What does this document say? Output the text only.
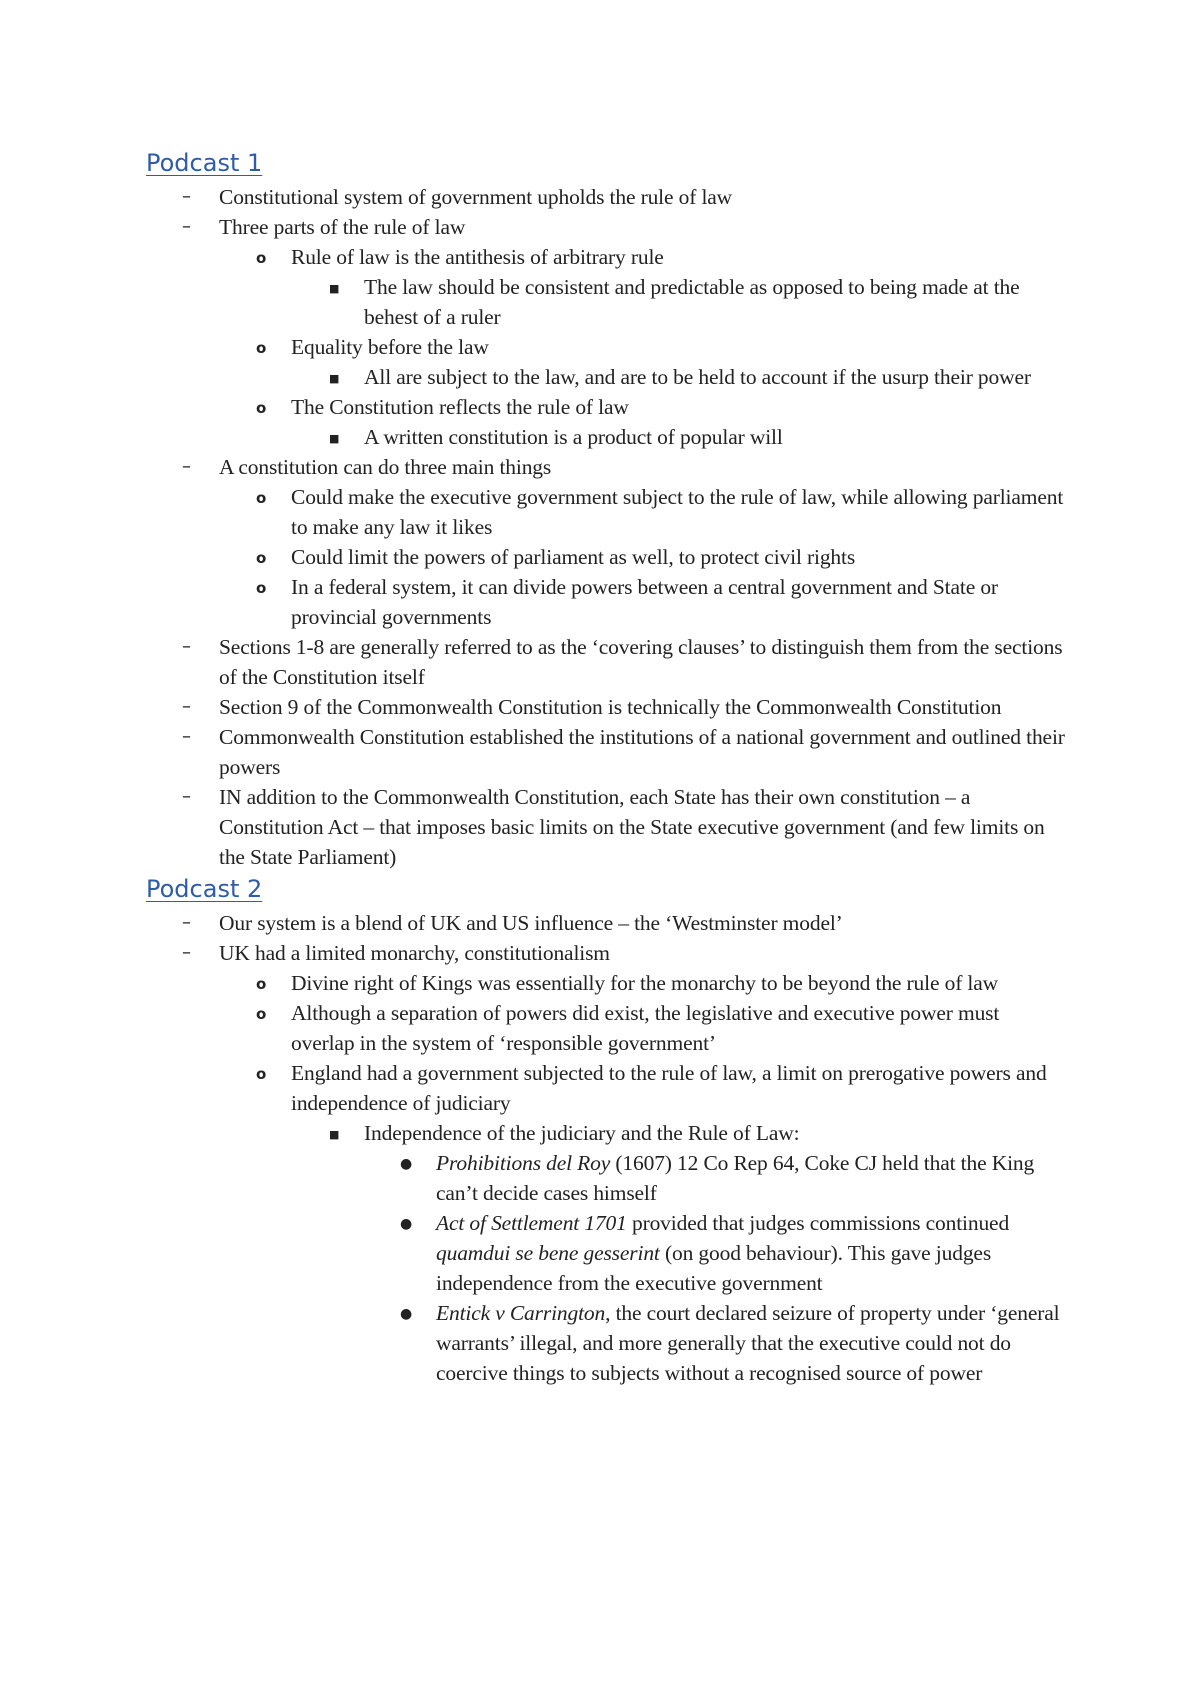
Podcast 1
– Constitutional system of government upholds the rule of law
– Three parts of the rule of law
o Rule of law is the antithesis of arbitrary rule
■ The law should be consistent and predictable as opposed to being made at the behest of a ruler
o Equality before the law
■ All are subject to the law, and are to be held to account if the usurp their power
o The Constitution reflects the rule of law
■ A written constitution is a product of popular will
– A constitution can do three main things
o Could make the executive government subject to the rule of law, while allowing parliament to make any law it likes
o Could limit the powers of parliament as well, to protect civil rights
o In a federal system, it can divide powers between a central government and State or provincial governments
– Sections 1-8 are generally referred to as the ‘covering clauses’ to distinguish them from the sections of the Constitution itself
– Section 9 of the Commonwealth Constitution is technically the Commonwealth Constitution
– Commonwealth Constitution established the institutions of a national government and outlined their powers
– IN addition to the Commonwealth Constitution, each State has their own constitution – a Constitution Act – that imposes basic limits on the State executive government (and few limits on the State Parliament)
Podcast 2
– Our system is a blend of UK and US influence – the ‘Westminster model’
– UK had a limited monarchy, constitutionalism
o Divine right of Kings was essentially for the monarchy to be beyond the rule of law
o Although a separation of powers did exist, the legislative and executive power must overlap in the system of ‘responsible government’
o England had a government subjected to the rule of law, a limit on prerogative powers and independence of judiciary
■ Independence of the judiciary and the Rule of Law:
● Prohibitions del Roy (1607) 12 Co Rep 64, Coke CJ held that the King can’t decide cases himself
● Act of Settlement 1701 provided that judges commissions continued quamdui se bene gesserint (on good behaviour). This gave judges independence from the executive government
● Entick v Carrington, the court declared seizure of property under ‘general warrants’ illegal, and more generally that the executive could not do coercive things to subjects without a recognised source of power
